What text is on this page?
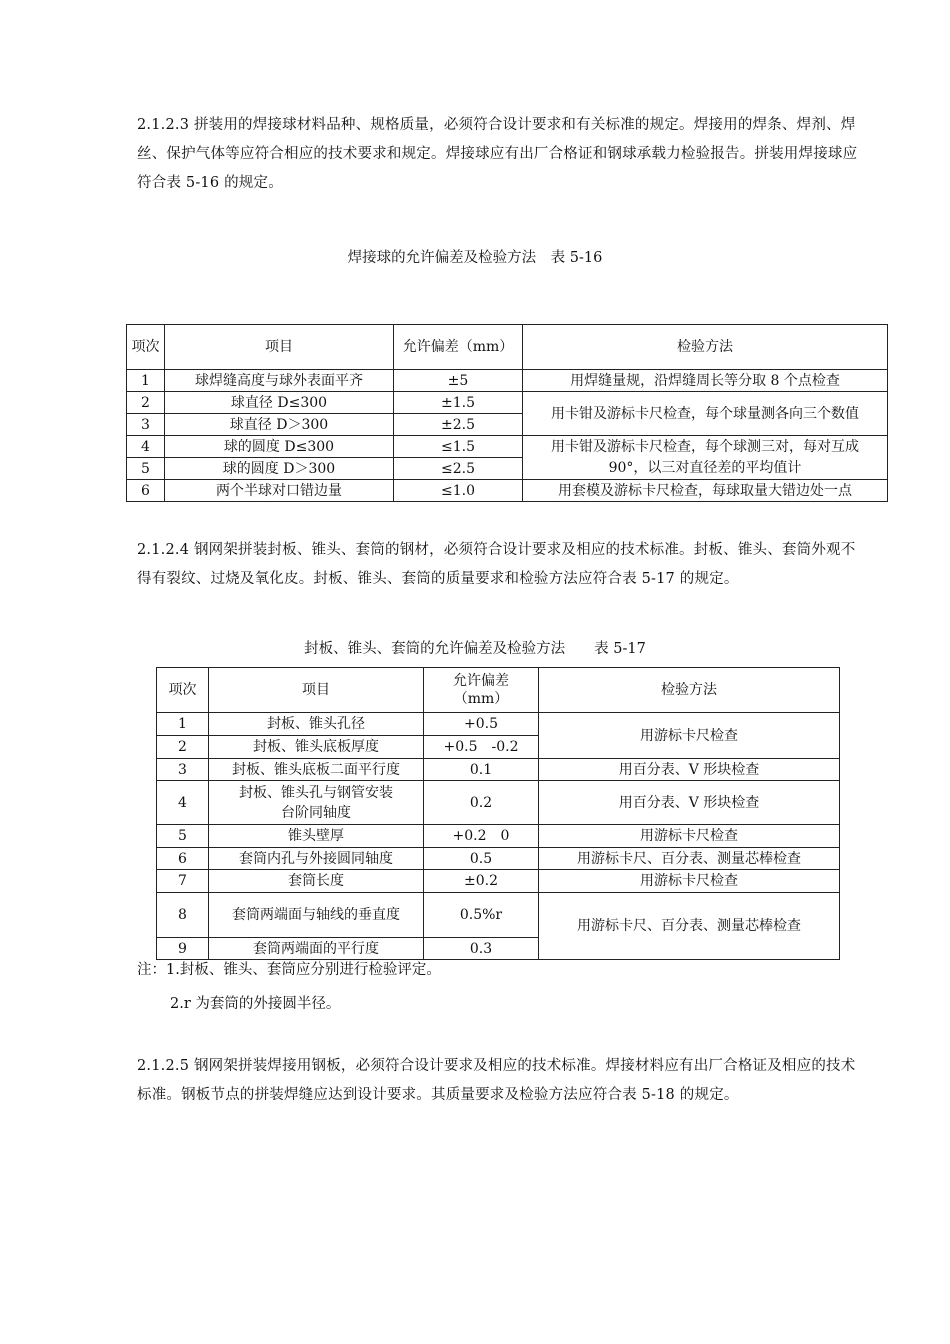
2.1.2.3 拼装用的焊接球材料品种、规格质量，必须符合设计要求和有关标准的规定。焊接用的焊条、焊剂、焊丝、保护气体等应符合相应的技术要求和规定。焊接球应有出厂合格证和钢球承载力检验报告。拼装用焊接球应符合表 5-16 的规定。

焊接球的允许偏差及检验方法　表 5-16

项次	项目	允许偏差（mm）	检验方法
1	球焊缝高度与球外表面平齐	±5	用焊缝量规，沿焊缝周长等分取 8 个点检查
2	球直径 D≤300	±1.5	用卡钳及游标卡尺检查，每个球量测各向三个数值
3	球直径 D＞300	±2.5	
4	球的圆度 D≤300	≤1.5	用卡钳及游标卡尺检查，每个球测三对，每对互成 90°，以三对直径差的平均值计
5	球的圆度 D＞300	≤2.5	
6	两个半球对口错边量	≤1.0	用套模及游标卡尺检查，每球取量大错边处一点

2.1.2.4 钢网架拼装封板、锥头、套筒的钢材，必须符合设计要求及相应的技术标准。封板、锥头、套筒外观不得有裂纹、过烧及氧化皮。封板、锥头、套筒的质量要求和检验方法应符合表 5-17 的规定。

封板、锥头、套筒的允许偏差及检验方法　　表 5-17

项次	项目	允许偏差（mm）	检验方法
1	封板、锥头孔径	+0.5	用游标卡尺检查
2	封板、锥头底板厚度	+0.5　-0.2	
3	封板、锥头底板二面平行度	0.1	用百分表、V 形块检查
4	封板、锥头孔与钢管安装台阶同轴度	0.2	用百分表、V 形块检查
5	锥头壁厚	+0.2　0	用游标卡尺检查
6	套筒内孔与外接圆同轴度	0.5	用游标卡尺、百分表、测量芯棒检查
7	套筒长度	±0.2	用游标卡尺检查
8	套筒两端面与轴线的垂直度	0.5%r	用游标卡尺、百分表、测量芯棒检查
9	套筒两端面的平行度	0.3	

注：1.封板、锥头、套筒应分别进行检验评定。

2.r 为套筒的外接圆半径。

2.1.2.5 钢网架拼装焊接用钢板，必须符合设计要求及相应的技术标准。焊接材料应有出厂合格证及相应的技术标准。钢板节点的拼装焊缝应达到设计要求。其质量要求及检验方法应符合表 5-18 的规定。
